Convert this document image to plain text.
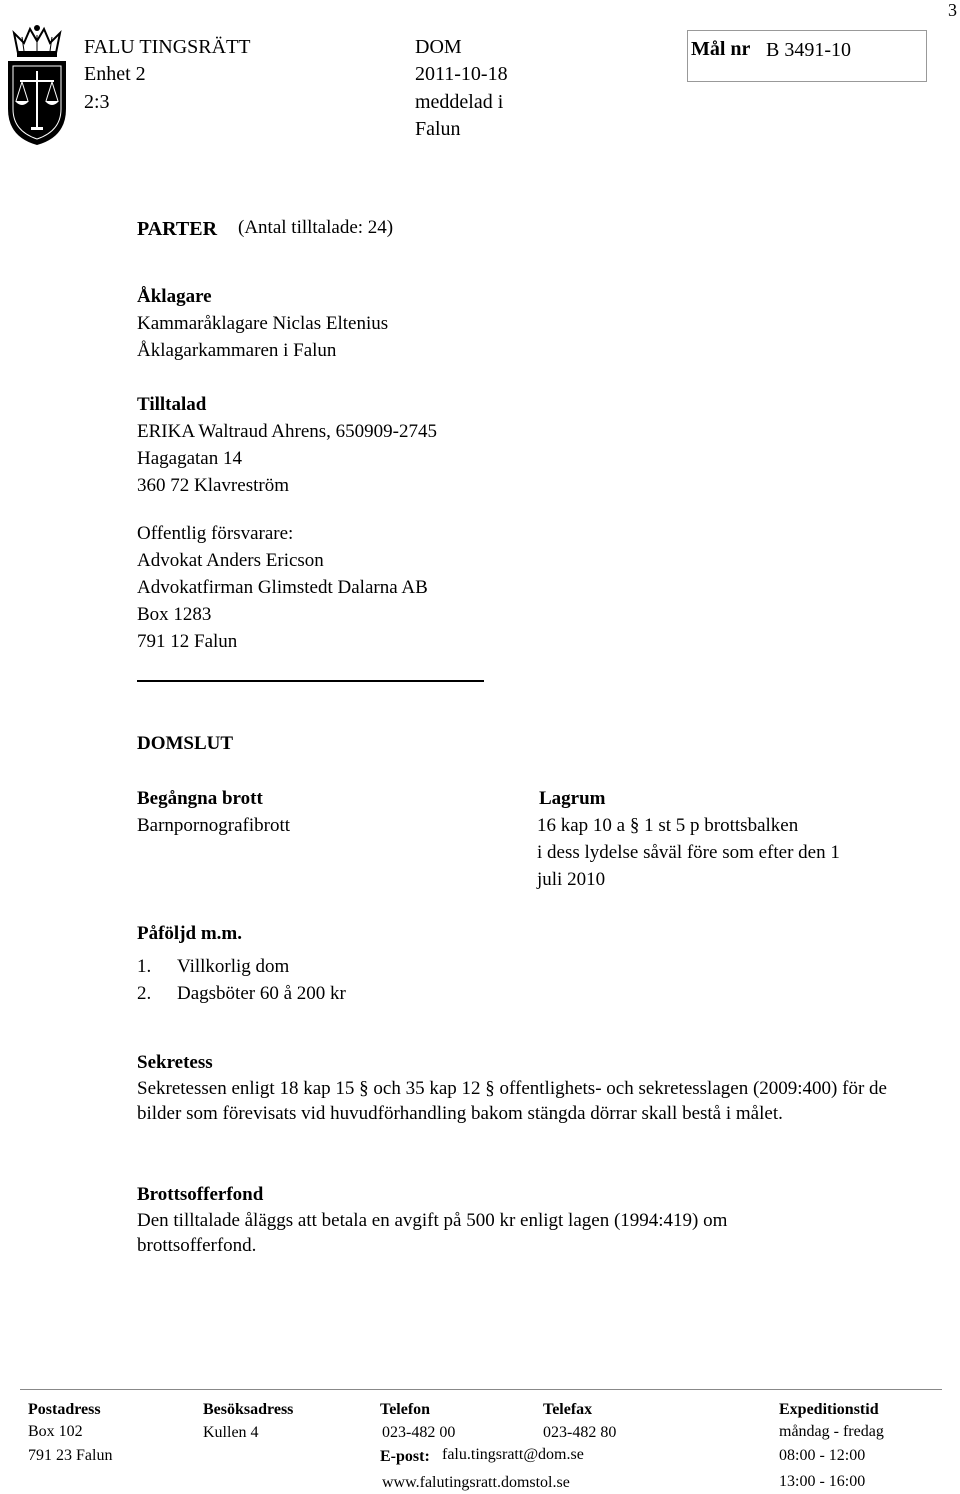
3
FALU TINGSRÄTT
Enhet 2
2:3
DOM
2011-10-18
meddelad i
Falun
Mål nr B 3491-10
PARTER (Antal tilltalade: 24)
Åklagare
Kammaråklagare Niclas Eltenius
Åklagarkammaren i Falun
Tilltalad
ERIKA Waltraud Ahrens, 650909-2745
Hagagatan 14
360 72 Klavreström
Offentlig försvarare:
Advokat Anders Ericson
Advokatfirman Glimstedt Dalarna AB
Box 1283
791 12 Falun
DOMSLUT
Begångna brott
Barnpornografibrott
Lagrum
16 kap 10 a § 1 st 5 p brottsbalken
i dess lydelse såväl före som efter den 1
juli 2010
Påföljd m.m.
1. Villkorlig dom
2. Dagsböter 60 å 200 kr
Sekretess
Sekretessen enligt 18 kap 15 § och 35 kap 12 § offentlighets- och sekretesslagen (2009:400) för de bilder som förevisats vid huvudförhandling bakom stängda dörrar skall bestå i målet.
Brottsofferfond
Den tilltalade åläggs att betala en avgift på 500 kr enligt lagen (1994:419) om brottsofferfond.
Postadress
Box 102
791 23 Falun
Besöksadress
Kullen 4
Telefon
023-482 00
E-post: falu.tingsratt@dom.se
www.falutingsratt.domstol.se
Telefax
023-482 80
Expeditionstid
måndag - fredag
08:00 - 12:00
13:00 - 16:00
